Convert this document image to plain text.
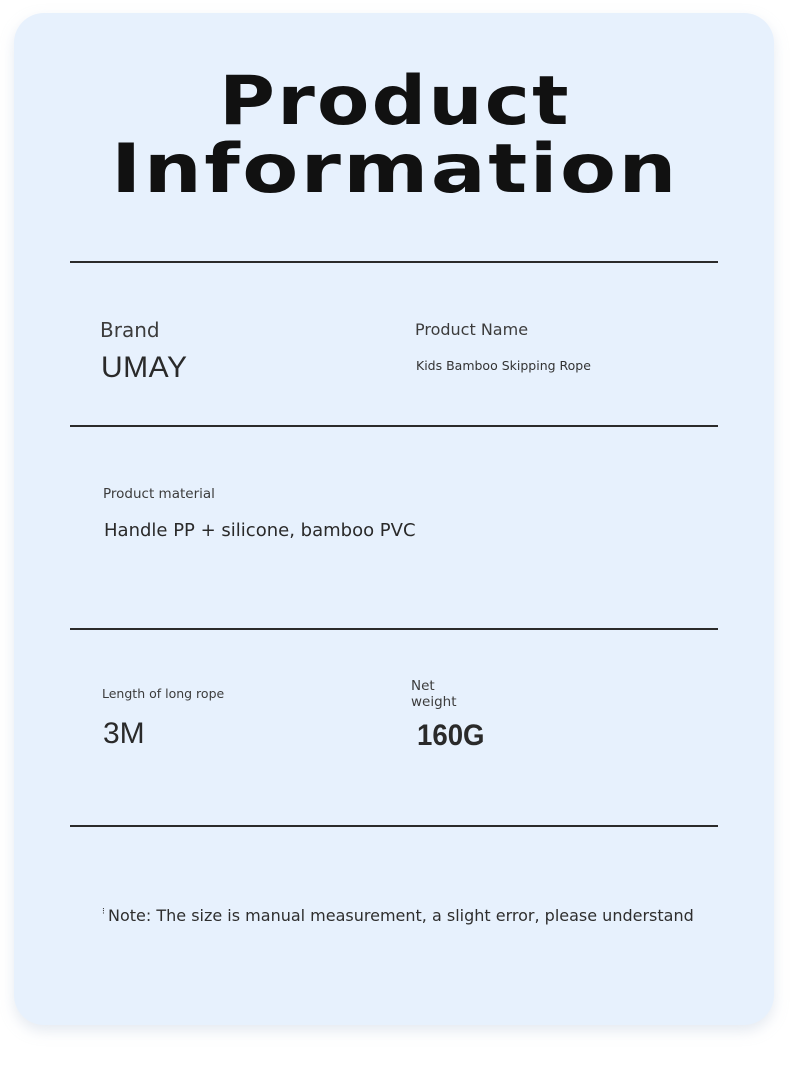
Product
Information

Brand

UMAY

Product Name

Kids Bamboo Skipping Rope

Product material

Handle PP + silicone, bamboo PVC

Length of long rope

3M

Net
weight

160G

⁝ Note: The size is manual measurement, a slight error, please understand
